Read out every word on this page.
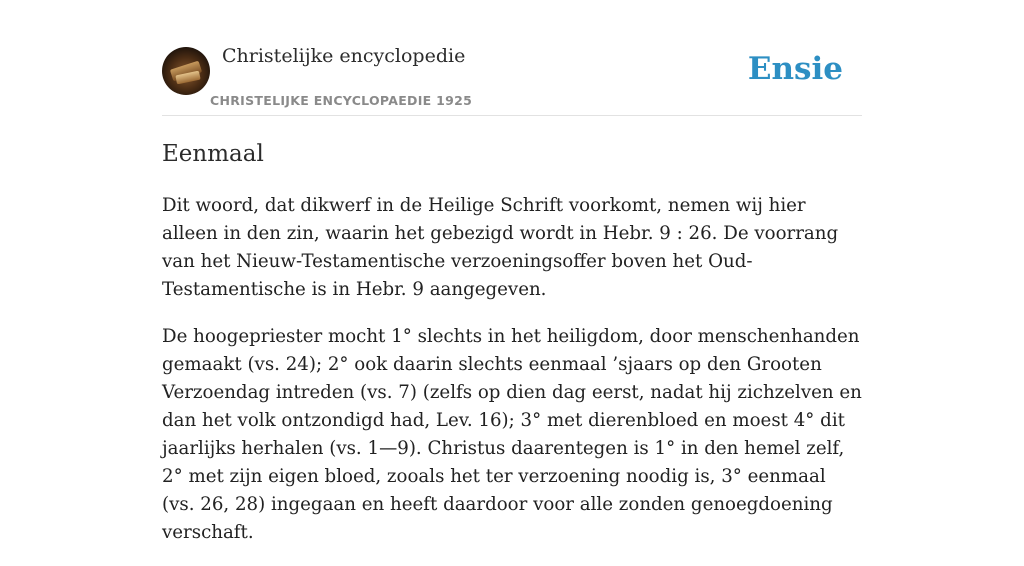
Christelijke encyclopedie
CHRISTELIJKE ENCYCLOPAEDIE 1925
Ensie
Eenmaal

Dit woord, dat dikwerf in de Heilige Schrift voorkomt, nemen wij hier alleen in den zin, waarin het gebezigd wordt in Hebr. 9 : 26. De voorrang van het Nieuw-Testamentische verzoeningsoffer boven het Oud-Testamentische is in Hebr. 9 aangegeven.

De hoogepriester mocht 1° slechts in het heiligdom, door menschenhanden gemaakt (vs. 24); 2° ook daarin slechts eenmaal ’sjaars op den Grooten Verzoendag intreden (vs. 7) (zelfs op dien dag eerst, nadat hij zichzelven en dan het volk ontzondigd had, Lev. 16); 3° met dierenbloed en moest 4° dit jaarlijks herhalen (vs. 1—9). Christus daarentegen is 1° in den hemel zelf, 2° met zijn eigen bloed, zooals het ter verzoening noodig is, 3° eenmaal (vs. 26, 28) ingegaan en heeft daardoor voor alle zonden genoegdoening verschaft.
